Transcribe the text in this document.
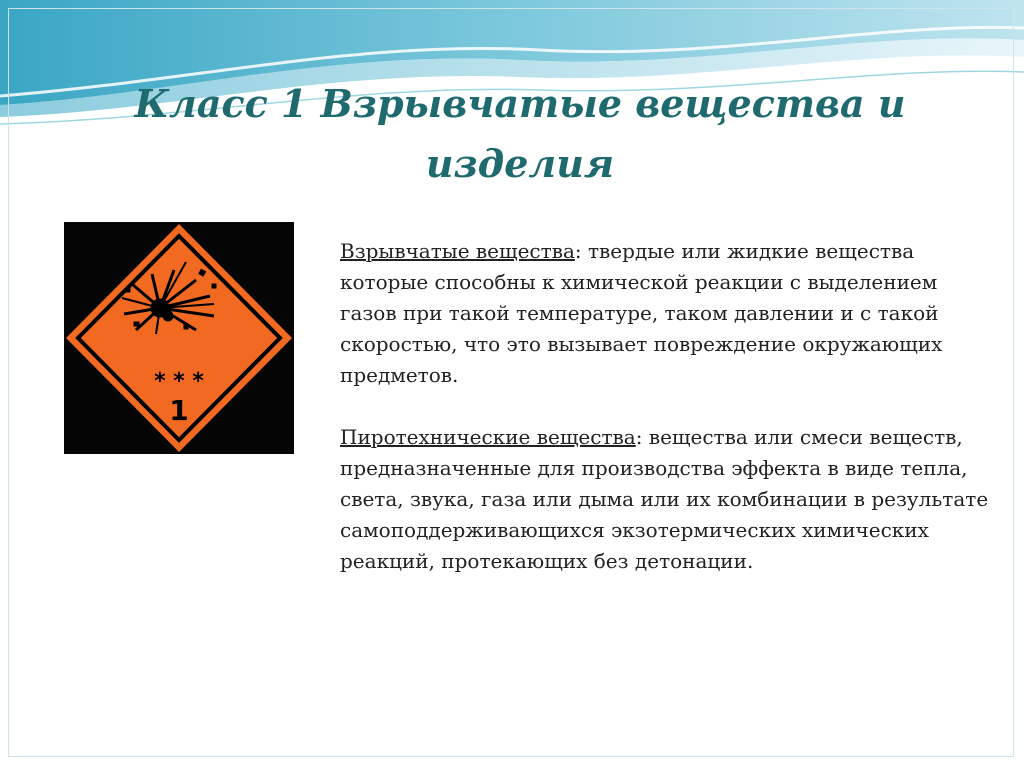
Класс 1 Взрывчатые вещества и
изделия
* * *
1

Взрывчатые вещества: твердые или жидкие вещества которые способны к химической реакции с выделением газов при такой температуре, таком давлении и с такой скоростью, что это вызывает повреждение окружающих предметов.

Пиротехнические вещества: вещества или смеси веществ, предназначенные для производства эффекта в виде тепла, света, звука, газа или дыма или их комбинации в результате самоподдерживающихся экзотермических химических реакций, протекающих без детонации.
